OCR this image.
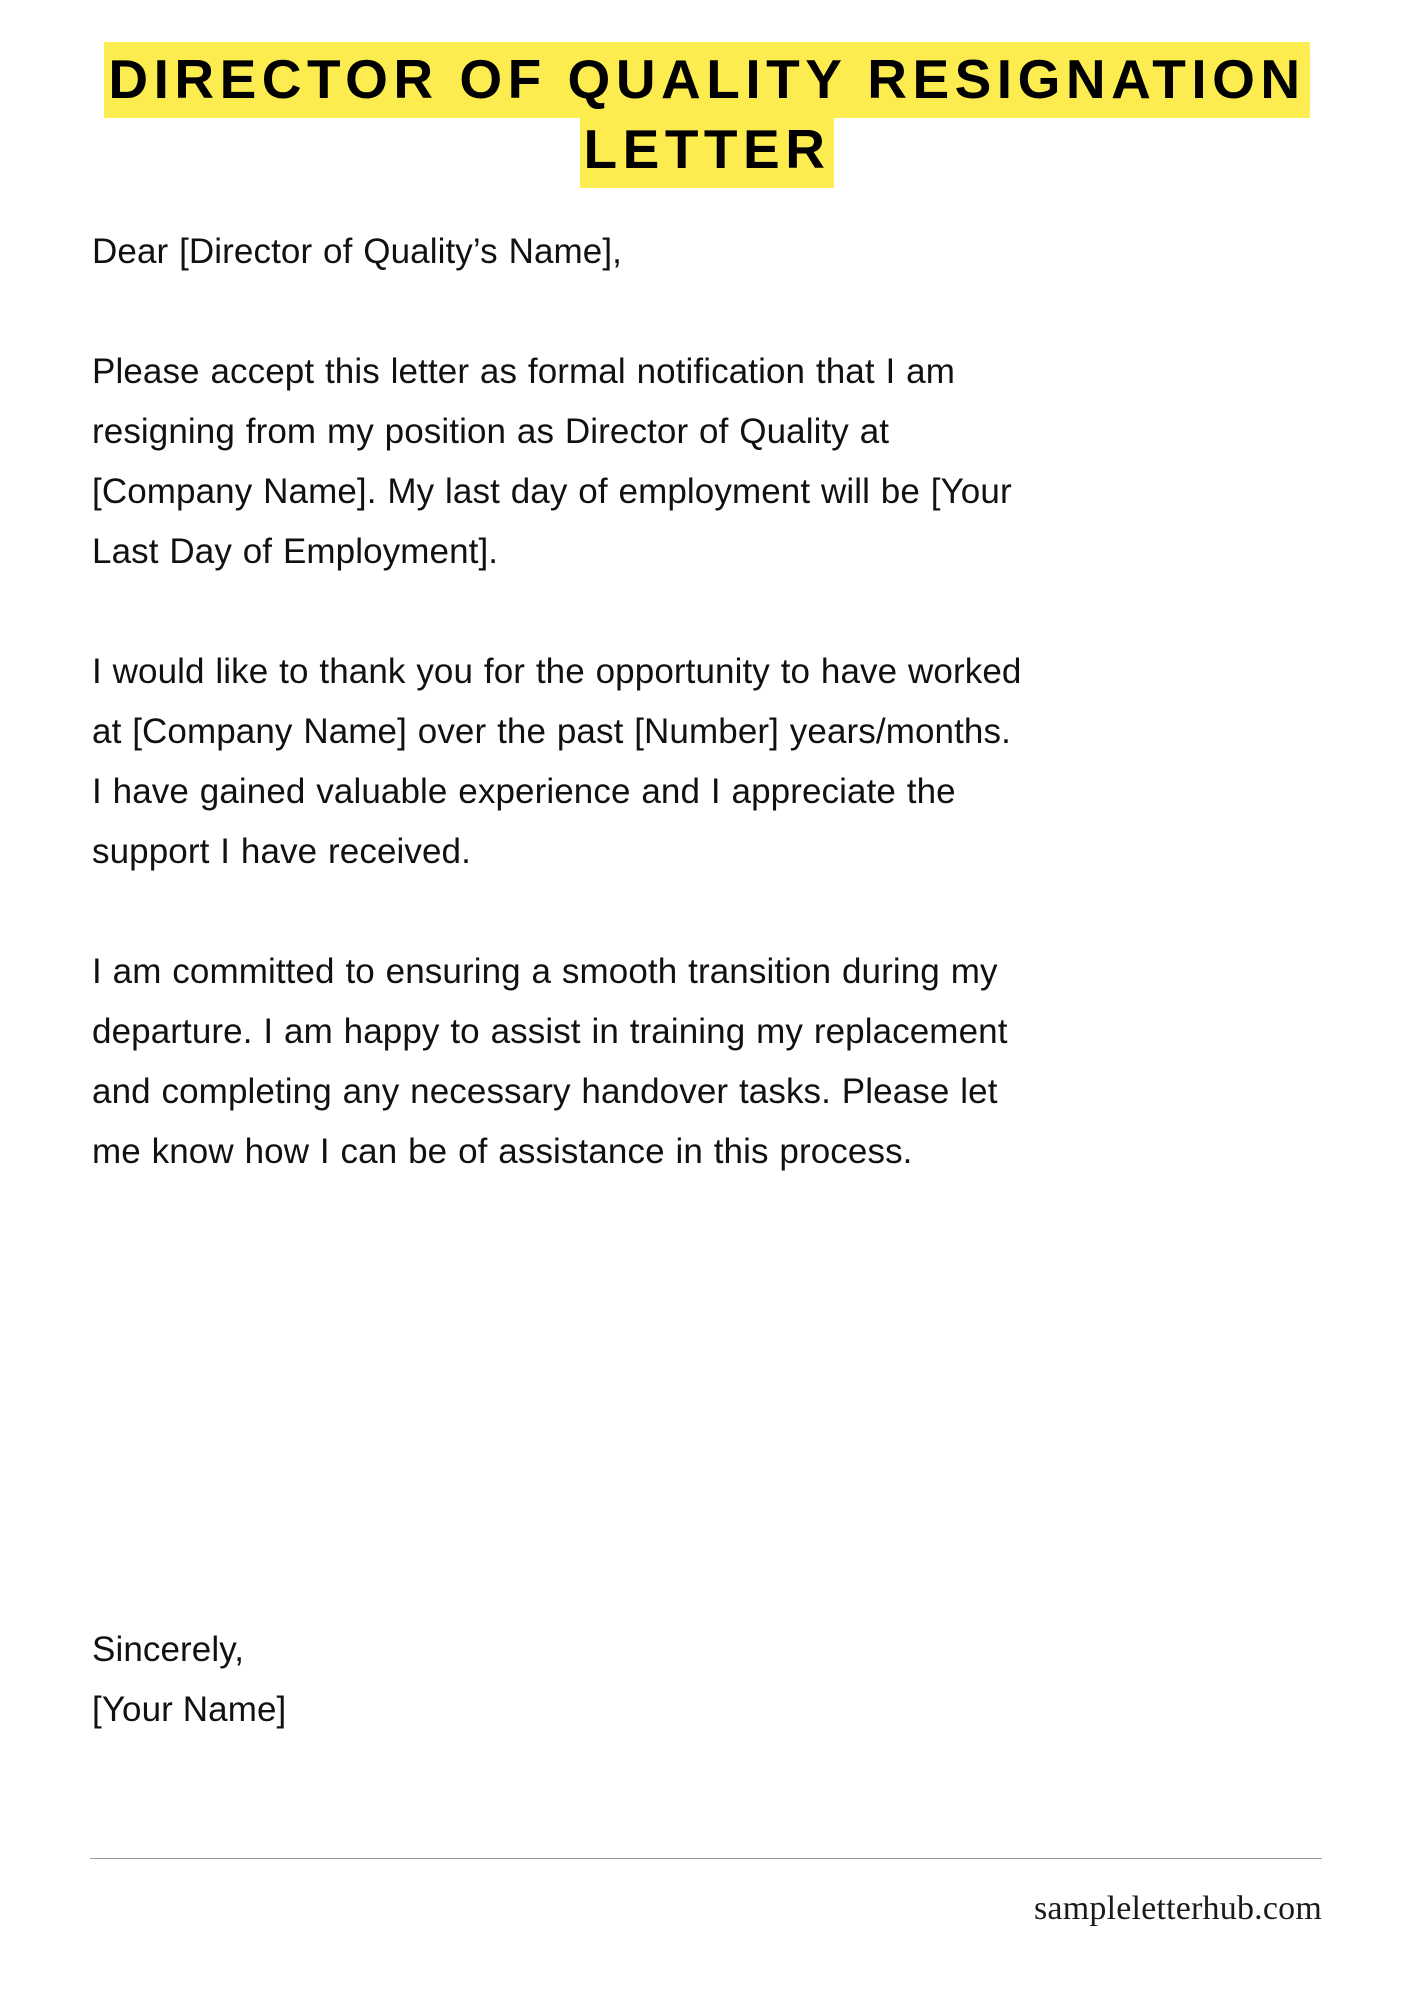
DIRECTOR OF QUALITY RESIGNATION LETTER

Dear [Director of Quality’s Name],

Please accept this letter as formal notification that I am resigning from my position as Director of Quality at [Company Name]. My last day of employment will be [Your Last Day of Employment].

I would like to thank you for the opportunity to have worked at [Company Name] over the past [Number] years/months. I have gained valuable experience and I appreciate the support I have received.

I am committed to ensuring a smooth transition during my departure. I am happy to assist in training my replacement and completing any necessary handover tasks. Please let me know how I can be of assistance in this process.

Sincerely,

[Your Name]

sampleletterhub.com
